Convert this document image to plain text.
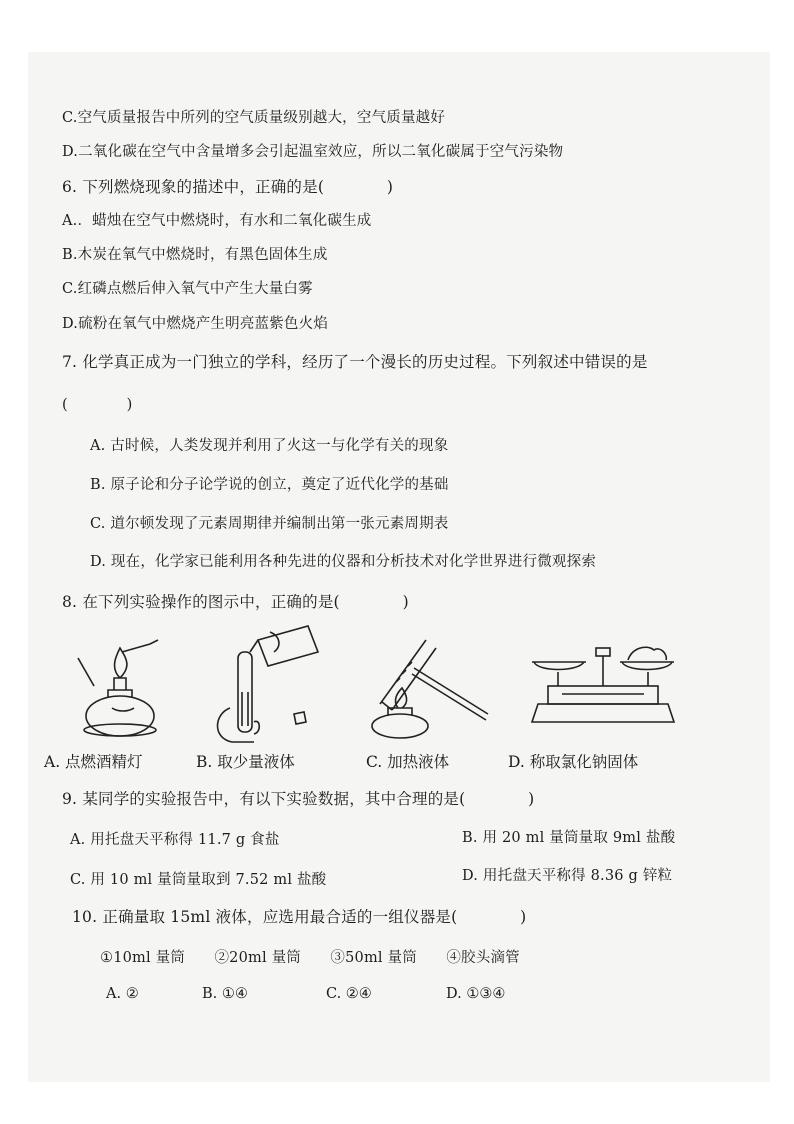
C.空气质量报告中所列的空气质量级别越大，空气质量越好
D.二氧化碳在空气中含量增多会引起温室效应，所以二氧化碳属于空气污染物
6. 下列燃烧现象的描述中，正确的是(　　　　)
A.．蜡烛在空气中燃烧时，有水和二氧化碳生成
B.木炭在氧气中燃烧时，有黑色固体生成
C.红磷点燃后伸入氧气中产生大量白雾
D.硫粉在氧气中燃烧产生明亮蓝紫色火焰
7. 化学真正成为一门独立的学科，经历了一个漫长的历史过程。下列叙述中错误的是
(　　　　)
A. 古时候，人类发现并利用了火这一与化学有关的现象
B. 原子论和分子论学说的创立，奠定了近代化学的基础
C. 道尔顿发现了元素周期律并编制出第一张元素周期表
D. 现在，化学家已能利用各种先进的仪器和分析技术对化学世界进行微观探索
8. 在下列实验操作的图示中，正确的是(　　　　)
A. 点燃酒精灯	B. 取少量液体	C. 加热液体	D. 称取氯化钠固体
9. 某同学的实验报告中，有以下实验数据，其中合理的是(　　　　)
A. 用托盘天平称得 11.7 g 食盐	B. 用 20 ml 量筒量取 9ml 盐酸
C. 用 10 ml 量筒量取到 7.52 ml 盐酸	D. 用托盘天平称得 8.36 g 锌粒
10. 正确量取 15ml 液体，应选用最合适的一组仪器是(　　　　)
①10ml 量筒　　②20ml 量筒　　③50ml 量筒　　④胶头滴管
A. ②	B. ①④	C. ②④	D. ①③④
